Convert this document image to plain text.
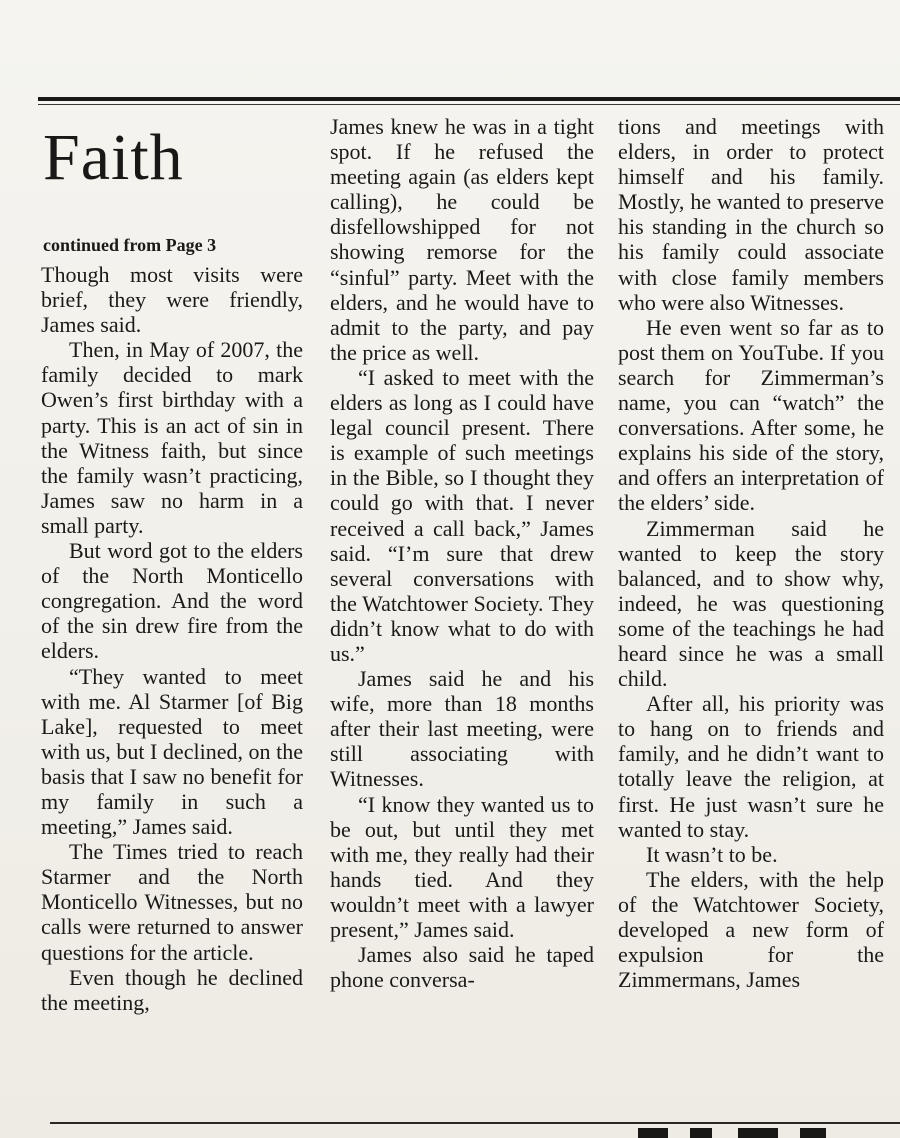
Faith
continued from Page 3

Though most visits were brief, they were friendly, James said.

Then, in May of 2007, the family decided to mark Owen’s first birthday with a party. This is an act of sin in the Witness faith, but since the family wasn’t practicing, James saw no harm in a small party.

But word got to the elders of the North Monticello congregation. And the word of the sin drew fire from the elders.

“They wanted to meet with me. Al Starmer [of Big Lake], requested to meet with us, but I declined, on the basis that I saw no benefit for my family in such a meeting,” James said.

The Times tried to reach Starmer and the North Monticello Witnesses, but no calls were returned to answer questions for the article.

Even though he declined the meeting,

James knew he was in a tight spot. If he refused the meeting again (as elders kept calling), he could be disfellowshipped for not showing remorse for the “sinful” party. Meet with the elders, and he would have to admit to the party, and pay the price as well.

“I asked to meet with the elders as long as I could have legal council present. There is example of such meetings in the Bible, so I thought they could go with that. I never received a call back,” James said. “I’m sure that drew several conversations with the Watchtower Society. They didn’t know what to do with us.”

James said he and his wife, more than 18 months after their last meeting, were still associating with Witnesses.

“I know they wanted us to be out, but until they met with me, they really had their hands tied. And they wouldn’t meet with a lawyer present,” James said.

James also said he taped phone conversa-

tions and meetings with elders, in order to protect himself and his family. Mostly, he wanted to preserve his standing in the church so his family could associate with close family members who were also Witnesses.

He even went so far as to post them on YouTube. If you search for Zimmerman’s name, you can “watch” the conversations. After some, he explains his side of the story, and offers an interpretation of the elders’ side.

Zimmerman said he wanted to keep the story balanced, and to show why, indeed, he was questioning some of the teachings he had heard since he was a small child.

After all, his priority was to hang on to friends and family, and he didn’t want to totally leave the religion, at first. He just wasn’t sure he wanted to stay.

It wasn’t to be.

The elders, with the help of the Watchtower Society, developed a new form of expulsion for the Zimmermans, James
